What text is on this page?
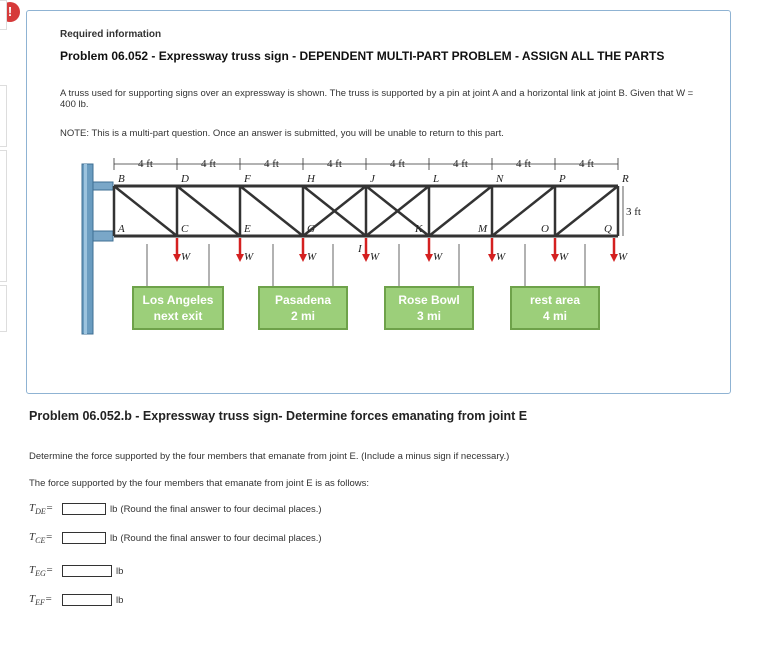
!
Required information
Problem 06.052 - Expressway truss sign - DEPENDENT MULTI-PART PROBLEM - ASSIGN ALL THE PARTS
A truss used for supporting signs over an expressway is shown. The truss is supported by a pin at joint A and a horizontal link at joint B. Given that W = 400 lb.
NOTE: This is a multi-part question. Once an answer is submitted, you will be unable to return to this part.
4 ft	4 ft	4 ft	4 ft	4 ft	4 ft	4 ft	4 ft
3 ft
B	D	F	H	J	L	N	P	R
A	C	E	G
I
K	M	O	Q
W	W	W	W	W	W	W	W
Los Angeles
next exit
Pasadena
2 mi
Rose Bowl
3 mi
rest area
4 mi
Problem 06.052.b - Expressway truss sign- Determine forces emanating from joint E
Determine the force supported by the four members that emanate from joint E. (Include a minus sign if necessary.)
The force supported by the four members that emanate from joint E is as follows:
$T_{DE}=$	lb (Round the final answer to four decimal places.)
$T_{CE}=$	lb (Round the final answer to four decimal places.)
$T_{EG}=$	lb
$T_{EF}=$	lb
